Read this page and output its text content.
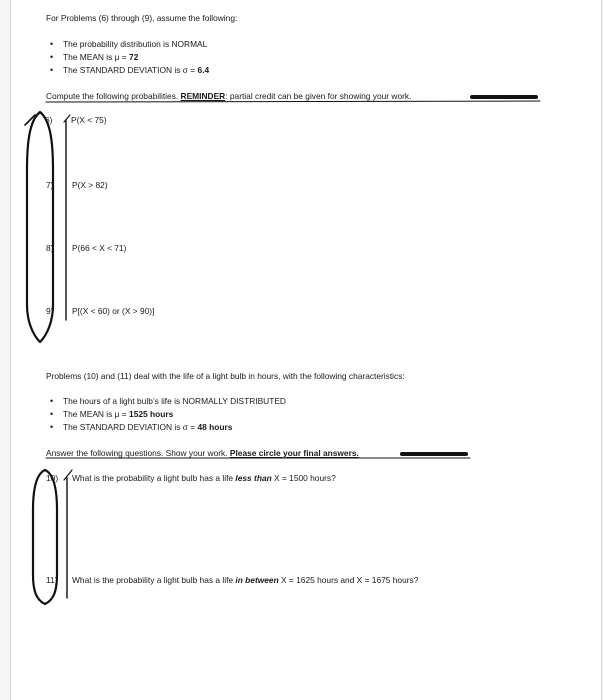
For Problems (6) through (9), assume the following:
• The probability distribution is NORMAL
• The MEAN is μ = 72
• The STANDARD DEVIATION is σ = 6.4
Compute the following probabilities. REMINDER: partial credit can be given for showing your work.
6) P(X < 75)
7) P(X > 82)
8) P(66 < X < 71)
9) P[(X < 60) or (X > 90)]
Problems (10) and (11) deal with the life of a light bulb in hours, with the following characteristics:
• The hours of a light bulb’s life is NORMALLY DISTRIBUTED
• The MEAN is μ = 1525 hours
• The STANDARD DEVIATION is σ = 48 hours
Answer the following questions. Show your work. Please circle your final answers.
10) What is the probability a light bulb has a life less than X = 1500 hours?
11) What is the probability a light bulb has a life in between X = 1625 hours and X = 1675 hours?
